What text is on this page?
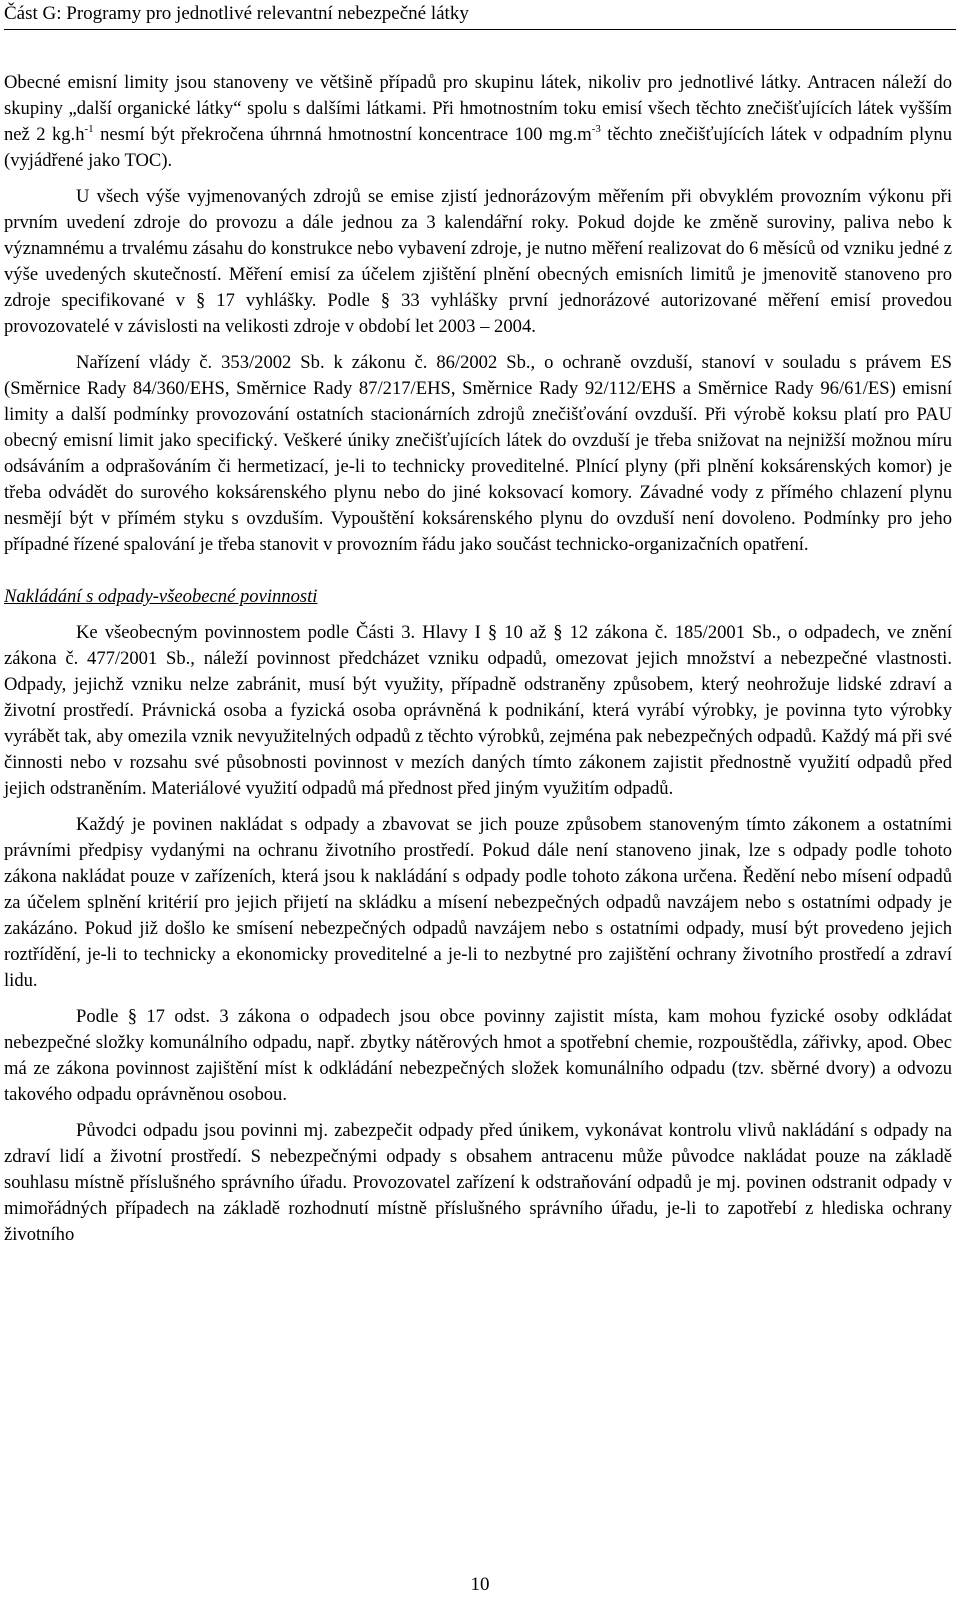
Část G: Programy pro jednotlivé relevantní nebezpečné látky

Obecné emisní limity jsou stanoveny ve většině případů pro skupinu látek, nikoliv pro jednotlivé látky. Antracen náleží do skupiny „další organické látky“ spolu s dalšími látkami. Při hmotnostním toku emisí všech těchto znečišťujících látek vyšším než 2 $kg.h^{-1}$ nesmí být překročena úhrnná hmotnostní koncentrace 100 $mg.m^{-3}$ těchto znečišťujících látek v odpadním plynu (vyjádřené jako TOC).

U všech výše vyjmenovaných zdrojů se emise zjistí jednorázovým měřením při obvyklém provozním výkonu při prvním uvedení zdroje do provozu a dále jednou za 3 kalendářní roky. Pokud dojde ke změně suroviny, paliva nebo k významnému a trvalému zásahu do konstrukce nebo vybavení zdroje, je nutno měření realizovat do 6 měsíců od vzniku jedné z výše uvedených skutečností. Měření emisí za účelem zjištění plnění obecných emisních limitů je jmenovitě stanoveno pro zdroje specifikované v § 17 vyhlášky. Podle § 33 vyhlášky první jednorázové autorizované měření emisí provedou provozovatelé v závislosti na velikosti zdroje v období let 2003 – 2004.

Nařízení vlády č. 353/2002 Sb. k zákonu č. 86/2002 Sb., o ochraně ovzduší, stanoví v souladu s právem ES (Směrnice Rady 84/360/EHS, Směrnice Rady 87/217/EHS, Směrnice Rady 92/112/EHS a Směrnice Rady 96/61/ES) emisní limity a další podmínky provozování ostatních stacionárních zdrojů znečišťování ovzduší. Při výrobě koksu platí pro PAU obecný emisní limit jako specifický. Veškeré úniky znečišťujících látek do ovzduší je třeba snižovat na nejnižší možnou míru odsáváním a odprašováním či hermetizací, je-li to technicky proveditelné. Plnící plyny (při plnění koksárenských komor) je třeba odvádět do surového koksárenského plynu nebo do jiné koksovací komory. Závadné vody z přímého chlazení plynu nesmějí být v přímém styku s ovzduším. Vypouštění koksárenského plynu do ovzduší není dovoleno. Podmínky pro jeho případné řízené spalování je třeba stanovit v provozním řádu jako součást technicko-organizačních opatření.

Nakládání s odpady-všeobecné povinnosti

Ke všeobecným povinnostem podle Části 3. Hlavy I § 10 až § 12 zákona č. 185/2001 Sb., o odpadech, ve znění zákona č. 477/2001 Sb., náleží povinnost předcházet vzniku odpadů, omezovat jejich množství a nebezpečné vlastnosti. Odpady, jejichž vzniku nelze zabránit, musí být využity, případně odstraněny způsobem, který neohrožuje lidské zdraví a životní prostředí. Právnická osoba a fyzická osoba oprávněná k podnikání, která vyrábí výrobky, je povinna tyto výrobky vyrábět tak, aby omezila vznik nevyužitelných odpadů z těchto výrobků, zejména pak nebezpečných odpadů. Každý má při své činnosti nebo v rozsahu své působnosti povinnost v mezích daných tímto zákonem zajistit přednostně využití odpadů před jejich odstraněním. Materiálové využití odpadů má přednost před jiným využitím odpadů.

Každý je povinen nakládat s odpady a zbavovat se jich pouze způsobem stanoveným tímto zákonem a ostatními právními předpisy vydanými na ochranu životního prostředí. Pokud dále není stanoveno jinak, lze s odpady podle tohoto zákona nakládat pouze v zařízeních, která jsou k nakládání s odpady podle tohoto zákona určena. Ředění nebo mísení odpadů za účelem splnění kritérií pro jejich přijetí na skládku a mísení nebezpečných odpadů navzájem nebo s ostatními odpady je zakázáno. Pokud již došlo ke smísení nebezpečných odpadů navzájem nebo s ostatními odpady, musí být provedeno jejich roztřídění, je-li to technicky a ekonomicky proveditelné a je-li to nezbytné pro zajištění ochrany životního prostředí a zdraví lidu.

Podle § 17 odst. 3 zákona o odpadech jsou obce povinny zajistit místa, kam mohou fyzické osoby odkládat nebezpečné složky komunálního odpadu, např. zbytky nátěrových hmot a spotřební chemie, rozpouštědla, zářivky, apod. Obec má ze zákona povinnost zajištění míst k odkládání nebezpečných složek komunálního odpadu (tzv. sběrné dvory) a odvozu takového odpadu oprávněnou osobou.

Původci odpadu jsou povinni mj. zabezpečit odpady před únikem, vykonávat kontrolu vlivů nakládání s odpady na zdraví lidí a životní prostředí. S nebezpečnými odpady s obsahem antracenu může původce nakládat pouze na základě souhlasu místně příslušného správního úřadu. Provozovatel zařízení k odstraňování odpadů je mj. povinen odstranit odpady v mimořádných případech na základě rozhodnutí místně příslušného správního úřadu, je-li to zapotřebí z hlediska ochrany životního

10
